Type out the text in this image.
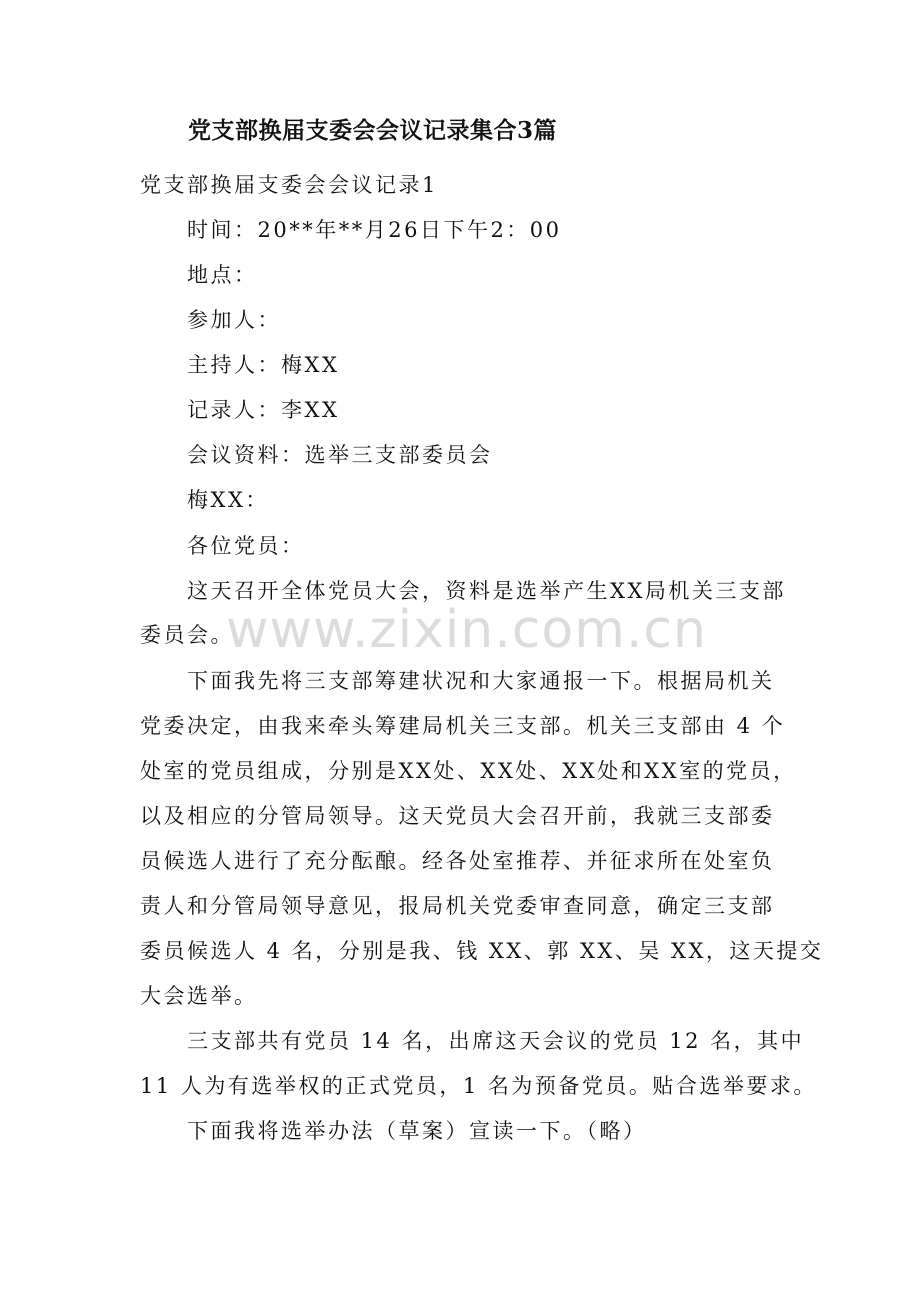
www.zixin.com.cn
党支部换届支委会会议记录集合3篇
党支部换届支委会会议记录1
时间：20**年**月26日下午2：00
地点：
参加人：
主持人：梅XX
记录人：李XX
会议资料：选举三支部委员会
梅XX：
各位党员：
这天召开全体党员大会，资料是选举产生XX局机关三支部
委员会。
下面我先将三支部筹建状况和大家通报一下。根据局机关
党委决定，由我来牵头筹建局机关三支部。机关三支部由 4 个
处室的党员组成，分别是XX处、XX处、XX处和XX室的党员，
以及相应的分管局领导。这天党员大会召开前，我就三支部委
员候选人进行了充分酝酿。经各处室推荐、并征求所在处室负
责人和分管局领导意见，报局机关党委审查同意，确定三支部
委员候选人 4 名，分别是我、钱 XX、郭 XX、吴 XX，这天提交
大会选举。
三支部共有党员 14 名，出席这天会议的党员 12 名，其中
11 人为有选举权的正式党员，1 名为预备党员。贴合选举要求。
下面我将选举办法（草案）宣读一下。（略）
